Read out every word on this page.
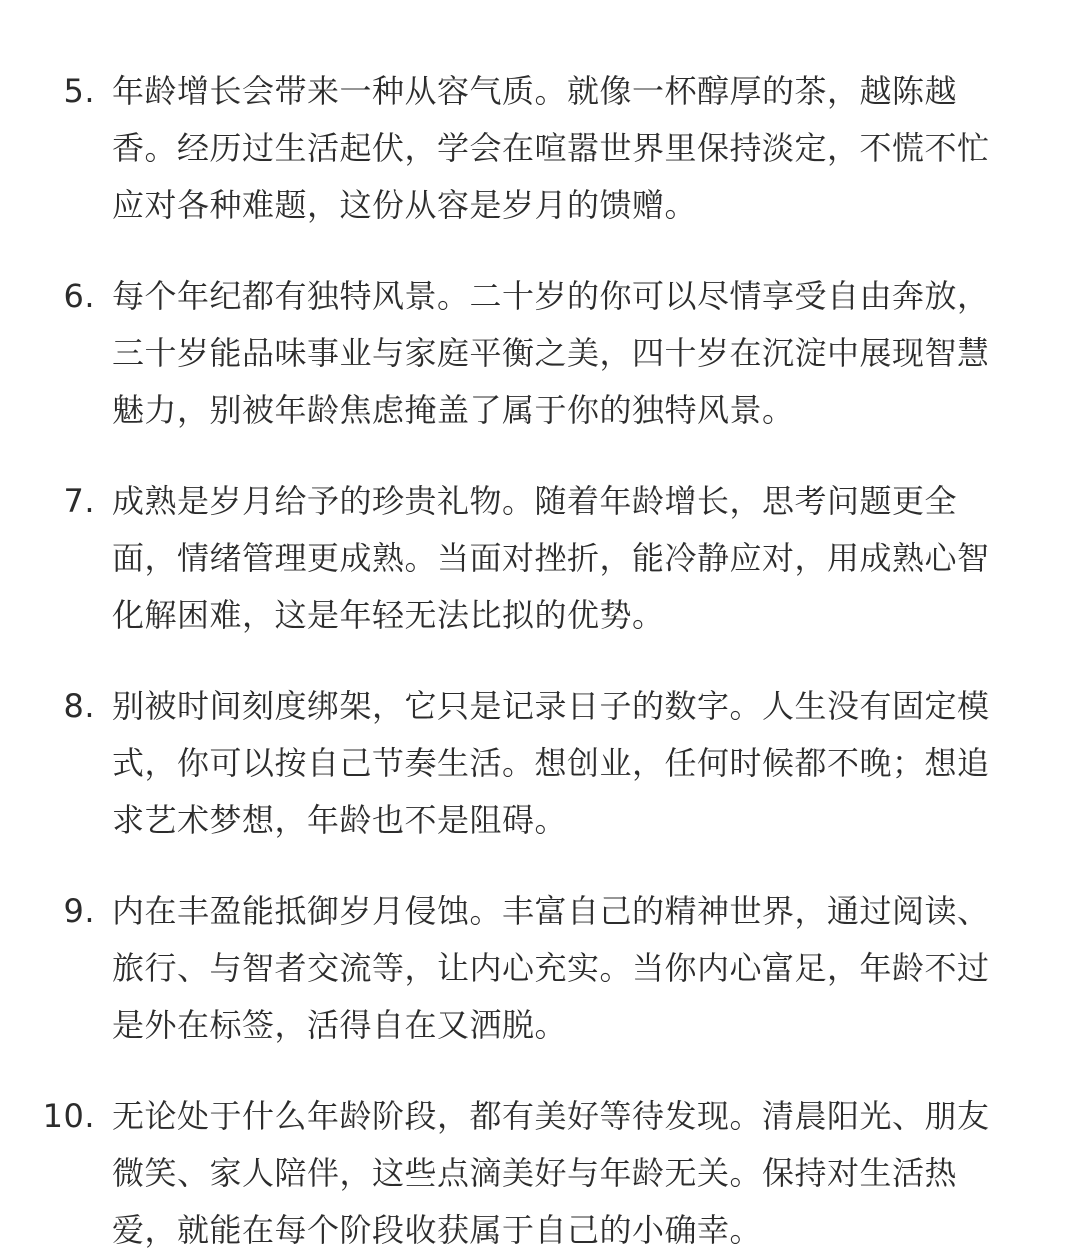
5. 年龄增长会带来一种从容气质。就像一杯醇厚的茶，越陈越香。经历过生活起伏，学会在喧嚣世界里保持淡定，不慌不忙应对各种难题，这份从容是岁月的馈赠。
6. 每个年纪都有独特风景。二十岁的你可以尽情享受自由奔放，三十岁能品味事业与家庭平衡之美，四十岁在沉淀中展现智慧魅力，别被年龄焦虑掩盖了属于你的独特风景。
7. 成熟是岁月给予的珍贵礼物。随着年龄增长，思考问题更全面，情绪管理更成熟。当面对挫折，能冷静应对，用成熟心智化解困难，这是年轻无法比拟的优势。
8. 别被时间刻度绑架，它只是记录日子的数字。人生没有固定模式，你可以按自己节奏生活。想创业，任何时候都不晚；想追求艺术梦想，年龄也不是阻碍。
9. 内在丰盈能抵御岁月侵蚀。丰富自己的精神世界，通过阅读、旅行、与智者交流等，让内心充实。当你内心富足，年龄不过是外在标签，活得自在又洒脱。
10. 无论处于什么年龄阶段，都有美好等待发现。清晨阳光、朋友微笑、家人陪伴，这些点滴美好与年龄无关。保持对生活热爱，就能在每个阶段收获属于自己的小确幸。
